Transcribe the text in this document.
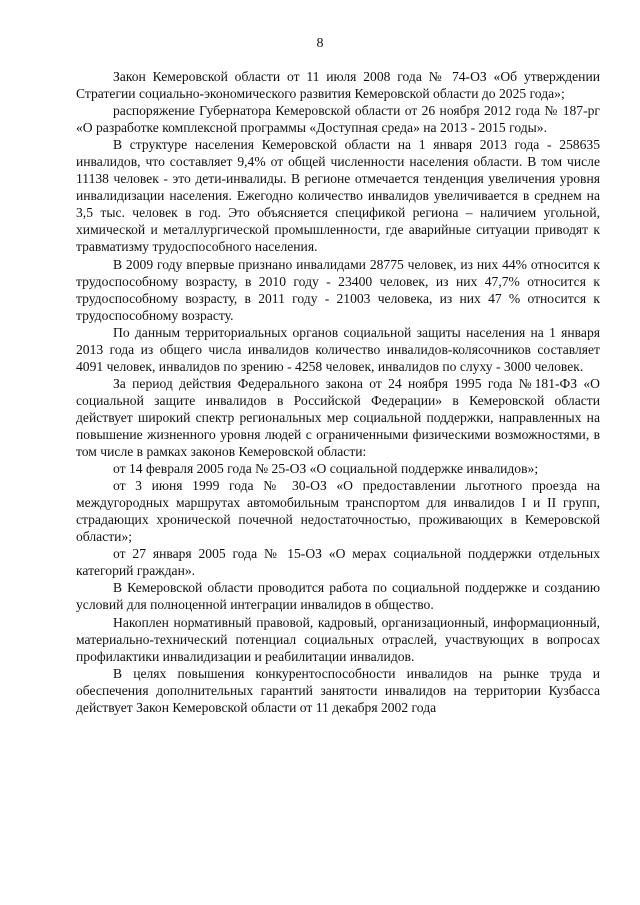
8

Закон Кемеровской области от 11 июля 2008 года № 74-ОЗ «Об утверждении Стратегии социально-экономического развития Кемеровской области до 2025 года»;

распоряжение Губернатора Кемеровской области от 26 ноября 2012 года № 187-рг «О разработке комплексной программы «Доступная среда» на 2013 - 2015 годы».

В структуре населения Кемеровской области на 1 января 2013 года - 258635 инвалидов, что составляет 9,4% от общей численности населения области. В том числе 11138 человек - это дети-инвалиды. В регионе отмечается тенденция увеличения уровня инвалидизации населения. Ежегодно количество инвалидов увеличивается в среднем на 3,5 тыс. человек в год. Это объясняется спецификой региона – наличием угольной, химической и металлургической промышленности, где аварийные ситуации приводят к травматизму трудоспособного населения.

В 2009 году впервые признано инвалидами 28775 человек, из них 44% относится к трудоспособному возрасту, в 2010 году - 23400 человек, из них 47,7% относится к трудоспособному возрасту, в 2011 году - 21003 человека, из них 47 % относится к трудоспособному возрасту.

По данным территориальных органов социальной защиты населения на 1 января 2013 года из общего числа инвалидов количество инвалидов-колясочников составляет 4091 человек, инвалидов по зрению - 4258 человек, инвалидов по слуху - 3000 человек.

За период действия Федерального закона от 24 ноября 1995 года №181-ФЗ «О социальной защите инвалидов в Российской Федерации» в Кемеровской области действует широкий спектр региональных мер социальной поддержки, направленных на повышение жизненного уровня людей с ограниченными физическими возможностями, в том числе в рамках законов Кемеровской области:

от 14 февраля 2005 года № 25-ОЗ «О социальной поддержке инвалидов»;

от 3 июня 1999 года № 30-ОЗ «О предоставлении льготного проезда на междугородных маршрутах автомобильным транспортом для инвалидов I и II групп, страдающих хронической почечной недостаточностью, проживающих в Кемеровской области»;

от 27 января 2005 года № 15-ОЗ «О мерах социальной поддержки отдельных категорий граждан».

В Кемеровской области проводится работа по социальной поддержке и созданию условий для полноценной интеграции инвалидов в общество.

Накоплен нормативный правовой, кадровый, организационный, информационный, материально-технический потенциал социальных отраслей, участвующих в вопросах профилактики инвалидизации и реабилитации инвалидов.

В целях повышения конкурентоспособности инвалидов на рынке труда и обеспечения дополнительных гарантий занятости инвалидов на территории Кузбасса действует Закон Кемеровской области от 11 декабря 2002 года
